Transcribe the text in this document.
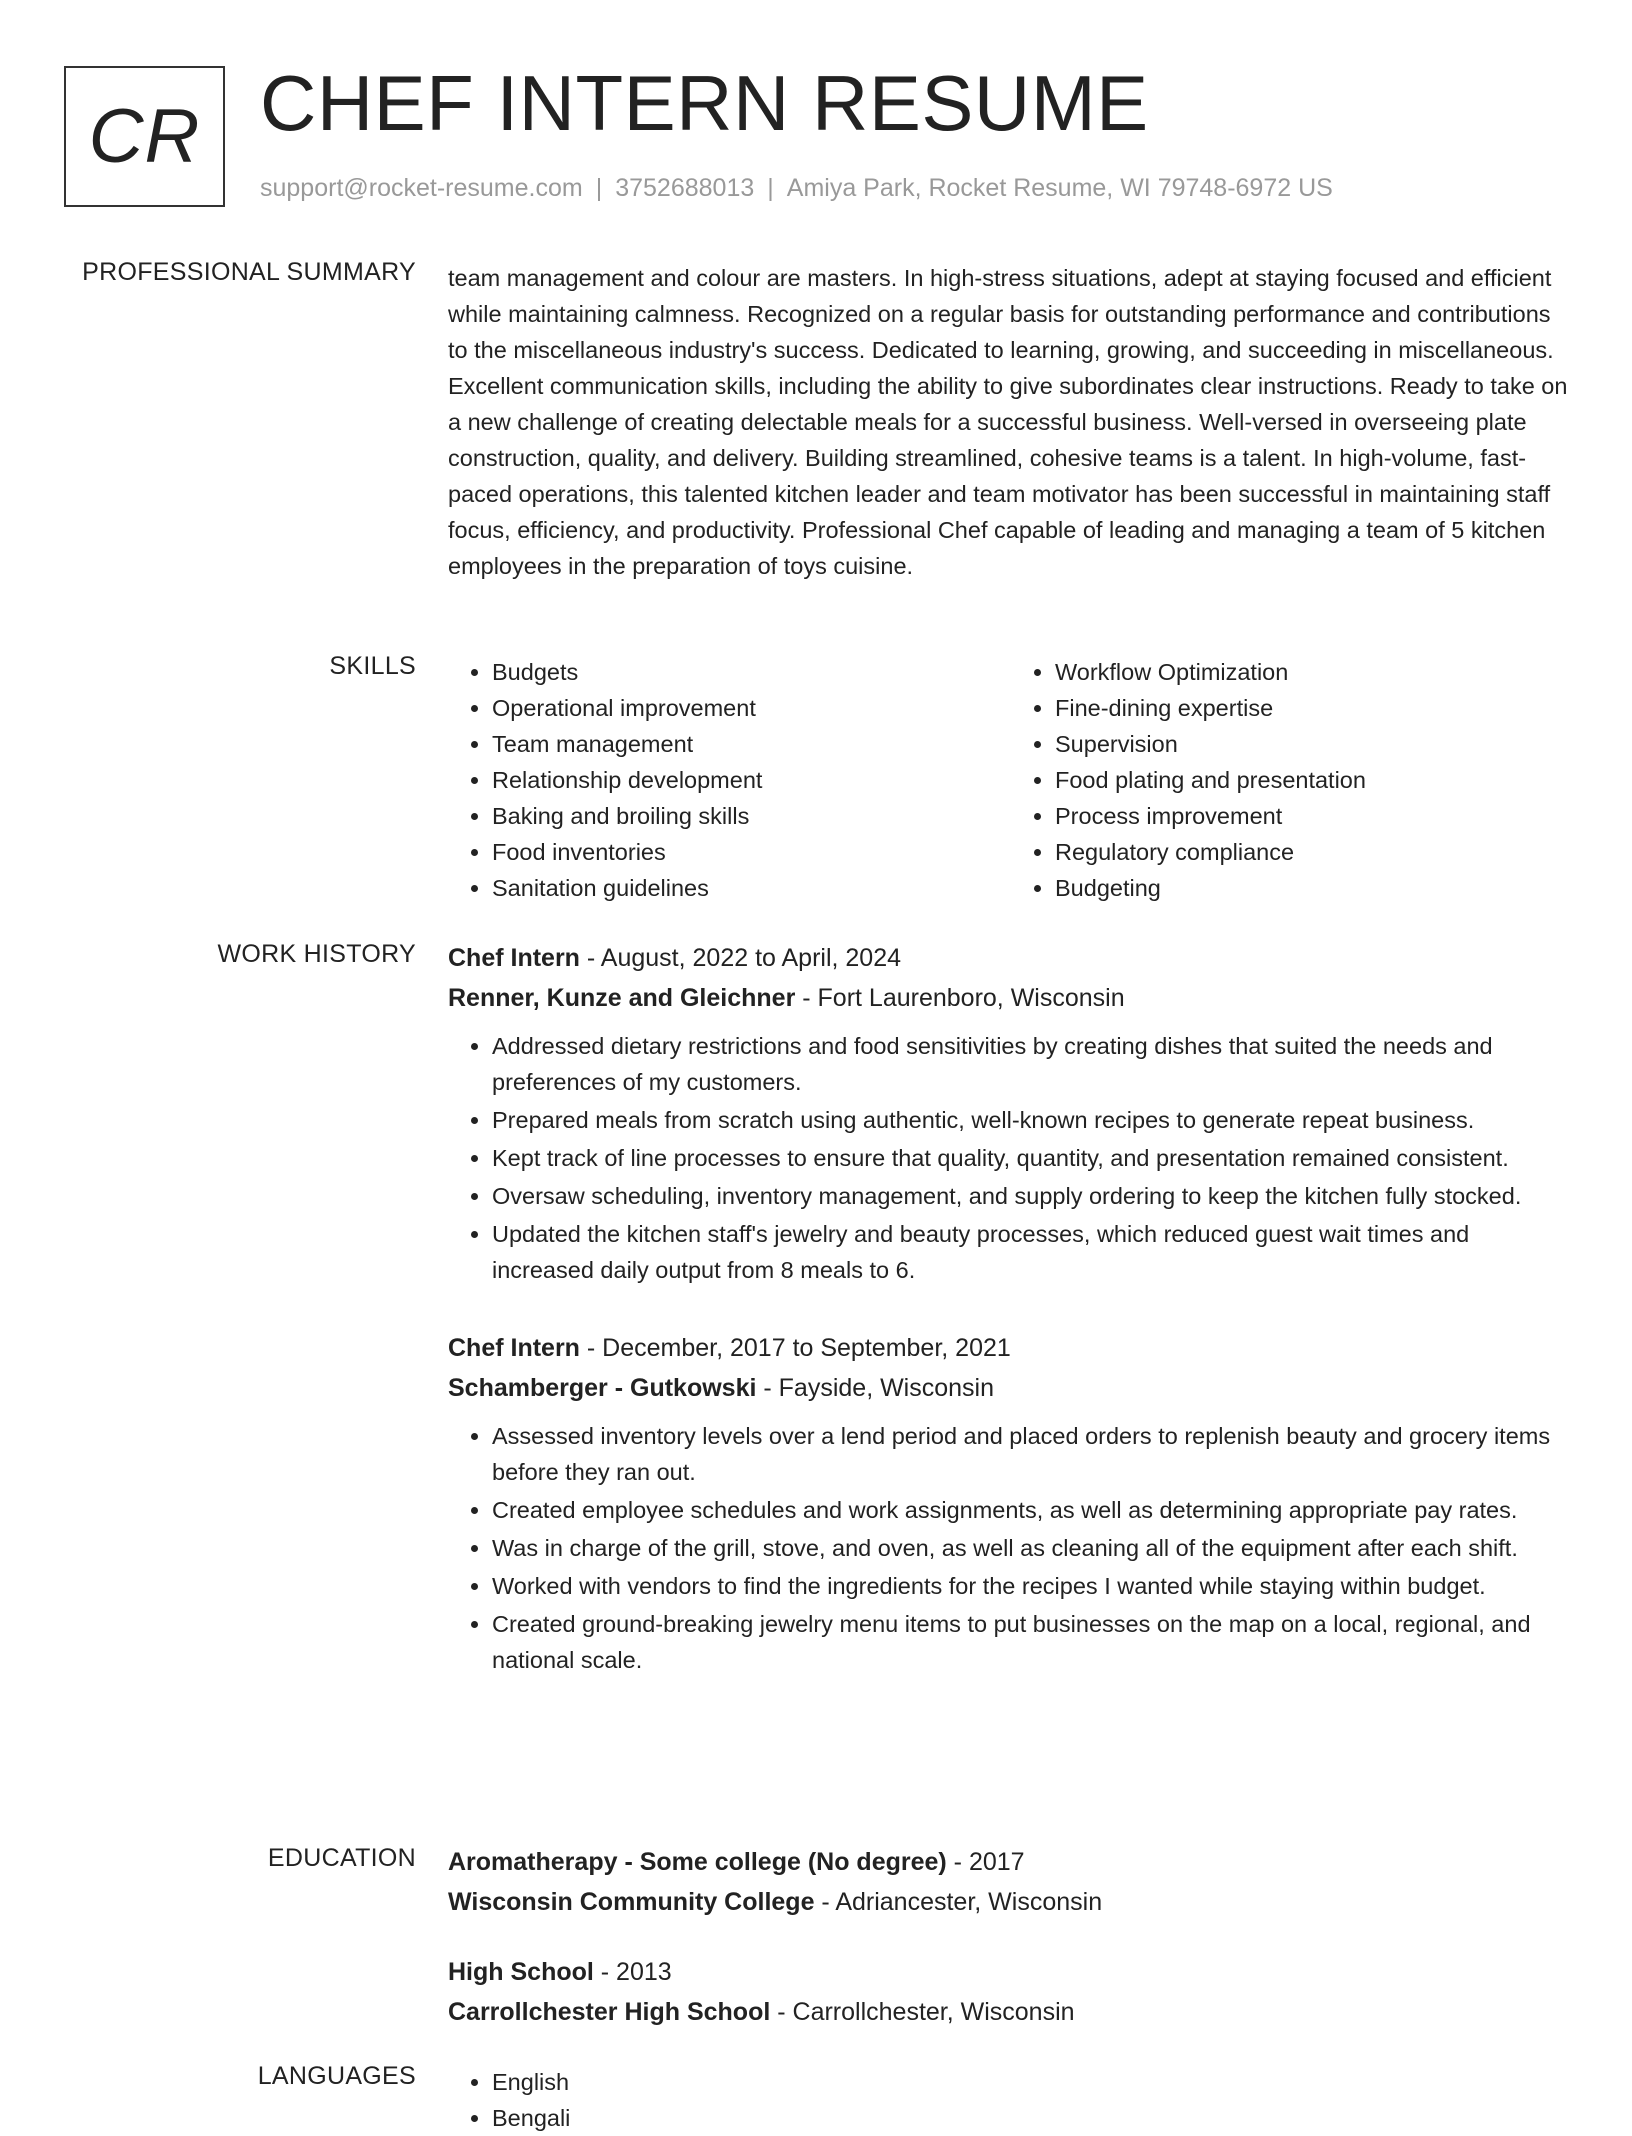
CR CHEF INTERN RESUME
support@rocket-resume.com | 3752688013 | Amiya Park, Rocket Resume, WI 79748-6972 US
PROFESSIONAL SUMMARY team management and colour are masters. In high-stress situations, adept at staying focused and efficient while maintaining calmness. Recognized on a regular basis for outstanding performance and contributions to the miscellaneous industry's success. Dedicated to learning, growing, and succeeding in miscellaneous. Excellent communication skills, including the ability to give subordinates clear instructions. Ready to take on a new challenge of creating delectable meals for a successful business. Well-versed in overseeing plate construction, quality, and delivery. Building streamlined, cohesive teams is a talent. In high-volume, fast-paced operations, this talented kitchen leader and team motivator has been successful in maintaining staff focus, efficiency, and productivity. Professional Chef capable of leading and managing a team of 5 kitchen employees in the preparation of toys cuisine.

SKILLS	• Budgets
• Operational improvement
• Team management
• Relationship development
• Baking and broiling skills
• Food inventories
• Sanitation guidelines
• Workflow Optimization
• Fine-dining expertise
• Supervision
• Food plating and presentation
• Process improvement
• Regulatory compliance
• Budgeting
WORK HISTORY Chef Intern - August, 2022 to April, 2024
Renner, Kunze and Gleichner - Fort Laurenboro, Wisconsin
• Addressed dietary restrictions and food sensitivities by creating dishes that suited the needs and preferences of my customers.
• Prepared meals from scratch using authentic, well-known recipes to generate repeat business.
• Kept track of line processes to ensure that quality, quantity, and presentation remained consistent.
• Oversaw scheduling, inventory management, and supply ordering to keep the kitchen fully stocked.
• Updated the kitchen staff's jewelry and beauty processes, which reduced guest wait times and increased daily output from 8 meals to 6.
Chef Intern - December, 2017 to September, 2021
Schamberger - Gutkowski - Fayside, Wisconsin
• Assessed inventory levels over a lend period and placed orders to replenish beauty and grocery items before they ran out.
• Created employee schedules and work assignments, as well as determining appropriate pay rates.
• Was in charge of the grill, stove, and oven, as well as cleaning all of the equipment after each shift.
• Worked with vendors to find the ingredients for the recipes I wanted while staying within budget.
• Created ground-breaking jewelry menu items to put businesses on the map on a local, regional, and national scale.
EDUCATION Aromatherapy - Some college (No degree) - 2017
Wisconsin Community College - Adriancester, Wisconsin
High School - 2013
Carrollchester High School - Carrollchester, Wisconsin
LANGUAGES	• English
• Bengali
